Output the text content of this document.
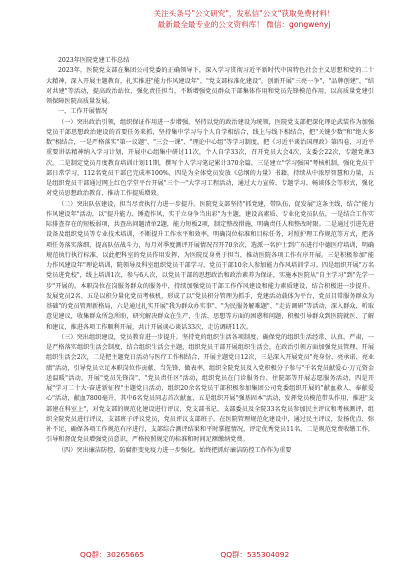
关注头条号"公文研究"，发私信"公文"获取免费材料！
最新最全最专业的公文资料库！ 微信：gongwenyj

2023年医院党建工作总结

2023年，医院党支部在集团公司党委的正确领导下，深入学习贯彻习近平新时代中国特色社会主义思想和党的二十大精神，深入开展主题教育，扎实推进"能力作风建设年"、"党支部标准化建设"，创新开展"三亮一争"、"品牌创建"、"结对共建"等活动，提高政治站位，强化责任担当，不断增强党员群众干部集体作用和党员先锋模范作用，以高质量党建引领保障医院高质量发展。

一、工作开展情况

（一）突出政治引领，组织保证作用进一步增强。坚持以党的政治建设为统领，医院党支部把深化理论武装作为加强党员干部思想政治建设的首要任务来抓，坚持集中学习与个人自学相结合，线上与线下相结合，把"关键少数"和"绝大多数"相结合，一是严格落实"第一议题"、"三会一课"、"理论中心组"等学习制度，把《习近平谈治国理政》第四卷、习近平重要讲话精神纳入学习计划，开展中心组集中研讨11次，个人自学33次，召开党员大会4次，支委会22次，专题党课3次。二是制定党员月度教育培训计划11期，撰写个人学习笔记累计370余篇，三是建立"学习强国"考核机制，强化党员干部日常学习，112名党员干部已完成率100%，四是为全体党员发放《总纲的力量》书籍，持续从中浓厚智慧和力量，五是组织党员干部通过网上红色学堂平台开展"三个一"大学习工程活动，通过大力宣传、专题学习、畅谈体会等形式，强化对党员思想政治教育，推动工作提质增效。

（二）突出队伍建设，担当尽责执行力进一步提升。医院党支部坚持"抓党建，带队伍，促发展"这条主线，结合"能力作风建设年"活动，以"提升能力、锤造作风，实干立身争当出彩"为主题，建设高素质、专业化党员队伍，一是结合工作实际排查存在的短板弱项，共查出问题清单2题，能力短板2项，制定整改措施，明确责任人和整改时限。二是通过引进先进设备及组织党员等专业技术培训，不断提升工作水平和效率，明确岗位标准和目标任务，对照护理工作规范等方式，把各项任务落实落细，提高队伍战斗力，每月对季度测评开展情况召开70余次，选派一名护士到广东进行中德医疗培训，明确规范执行执行标准，以此把科室的党员作用发挥，为医院反身勇于担当，推动医院各项工作有序开展。三是积极参加"能力作风建设年"理论培训，院领导及科室组织党员干部学习，党员干部10余人参加能力作风培训学习。四是组织开展"万名党员进党校"，线上培训1次，参与6人次，以党员干部的思想政治和政治素养为保证，实施本医院从"自主学习"到"先学一步"开展的。本职岗位在岗服务群众的服务中，持续加强党员干部工作作风建设和能力素质建设，结合积极进一步提升。发展党员2名，五是以积分量化党员考核机，形成了以"党员积分管理为抓手，党建活动载体为平台，党员目常服务群众为基础"的党员管理新格局，六是通过扎实开展"我为群众办实事"、"为民服务解难题"、"走访调研"等活动，深入群众、听取意见建议，收集群众所急所盼，研究解决群众在生产、生活、思想等方面的困惑和问题，积极引导群众到医院就医、了解和建议，推进各项工作顺利开展，共计开展谈心谈话33次、走访调研11次。

（三）突出组织建设，党员教育进一步提升。坚持党的组织生活各项制度，确保党的组织生活经常、认真、严肃，一是严格落实组织生活会制度，结合组织生活会主题，组织党员干部开展组织生活会，在政治引领方面加强党员管理、开展组织生活会2次，二是把主题党日活动与医疗工作相结合，开展主题党日12次，三是深入开展党员"亮身份、亮承诺、亮业绩"活动，引导党员立足本职岗位作贡献、当先锋、做表率，组织全院党员及入党积极分子参与"千名党员献爱心·万元资金送温暖"活动，开展"党员先锋岗"、"党员责任区"活动，组织党员在门诊服务台、住院部等开展志愿服务活动，四是开展"学习二十大·奋进新征程"主题党日活动，组织20余名党员干部积极参加集团公司党委组织开展的"献血救人、奉献爱心"活动，献血7800毫升，其中6名党员同志首次献血，五是组织开展"强基固本"活动，发挥党员模范带头作用，推进"支部建在科室上"，对党支部的规范化建设进行评议，党支部书记、支部委员及全院33名党员参加民主评议和考核测评，组织全院党员进行评议，支部班子评议党员，党员评议支部班子。在医院管理规范化建设中，通过民主评议，发扬优点、弥补不足，确保各项工作规范有序进行，支部综合测评结果和平时掌握情况，评定优秀党员11名，二是规范党费收缴工作，引导和督促党员增强党员意识，严格按照规定的标准和时间足额缴纳党费。

（四）突出廉洁防控，防腐拒变免疫力进一步强化。始终把抓好廉洁防控工作作为重要

QQ群：30265665	QQ群：535304092
